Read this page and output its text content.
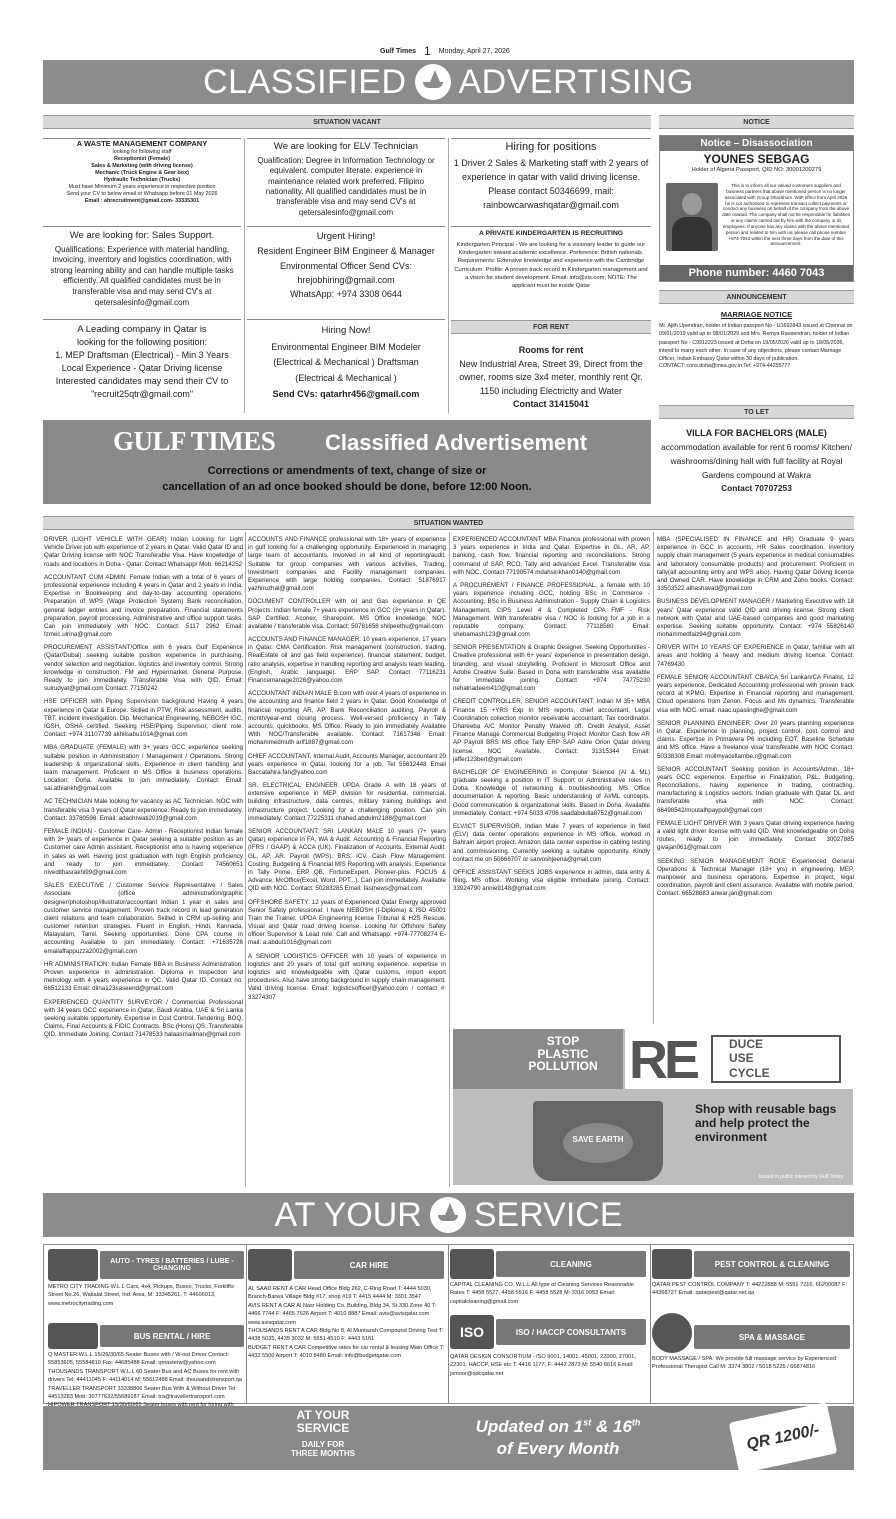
Gulf Times 1 Monday, April 27, 2026
CLASSIFIED ADVERTISING
SITUATION VACANT	NOTICE
A WASTE MANAGEMENT COMPANY
looking for following staff
Receptionist (Female)
Sales & Marketing (with driving license)
Mechanic (Truck Engine & Gear box)
Hydraulic Technician (Trucks)
Must have Minimum 2 years experience in respective position
Send your CV to below email or Whatsapp before 01 May 2026
Email : ahrecruitment@gmail.com- 33335301
We are looking for: Sales Support.
Qualifications: Experience with material handling, invoicing, inventory and logistics coordination, with strong learning ability and can handle multiple tasks efficiently. All qualified candidates must be in transferable visa and may send CV's at qetersalesinfo@gmail.com
A Leading company in Qatar is
looking for the following position:
1. MEP Draftsman (Electrical) - Min 3 Years
Local Experience - Qatar Driving license
Interested candidates may send their CV to
"recruit25qtr@gmail.com"
We are looking for ELV Technician
Qualification: Degree in Information Technology or equivalent. computer literate. experience in maintenance related work preferred. Filipino nationality. All qualified candidates must be in transferable visa and may send CV's at qetersalesinfo@gmail.com
Urgent Hiring!
Resident Engineer BIM Engineer & Manager
Environmental Officer Send CVs:
hrejobhiring@gmail.com
WhatsApp: +974 3308 0644
Hiring Now!
Environmental Engineer BIM Modeler
(Electrical & Mechanical ) Draftsman
(Electrical & Mechanical )
Send CVs: qatarhr456@gmail.com
Hiring for positions
1 Driver 2 Sales & Marketing staff with 2 years of experience in qatar with valid driving license. Please contact 50346699, mail: rainbowcarwashqatar@gmail.com
A PRIVATE KINDERGARTEN IS RECRUITING
Kindergarten Principal - We are looking for a visionary leader to guide our Kindergarten toward academic excellence. Preference: British nationals. Requirements: Extensive knowledge and experience with the Cambridge Curriculum. Profile: A proven track record in Kindergarten management and a vision for student development. Email: info@sis.com, NOTE: The applicant must be inside Qatar
FOR RENT
Rooms for rent
New Industrial Area, Street 39, Direct from the owner, rooms size 3x4 meter, monthly rent Qr. 1150 including Electricity and Water
Contact 31415041
Notice – Disassociation
YOUNES SEBGAG
Holder of Algeria Passport, QID NO: 30001200279
This is to inform all our valued customers suppliers and business partners that above mentioned person is no longer associated with Group Dhackhom. With effect from April 2026 he is not authorised to represent transact collect payments or conduct any business on behalf of the company from the above date onward. The company shall not be responsible for liabilities or any claims carried out by him with the company or its employees. If anyone has any claims with the above mentioned person and related to him with us, please call phone number +974-7043 within the next three days from the date of this announcement.
Phone number: 4460 7043
ANNOUNCEMENT
MARRIAGE NOTICE
Mr. Ajith Upendran, holder of Indian passport No - U1692843 issued at Chennai on 09/01/2019 valid up to 08/01/2029 and Mrs. Remya Raveendran, holder of Indian passport No - C9912223 issued at Doha on 19/05/2026 valid up to 18/05/2036, intend to marry each other. In case of any objections, please contact Marriage Officer, Indian Embassy Qatar within 30 days of publication.
CONTACT: cons.doha@mea.gov.in Tel: +974-44255777
TO LET
VILLA FOR BACHELORS (MALE)
accommodation available for rent 6 rooms/ Kitchen/ washrooms/dining hall with full facility at Royal Gardens compound at Wakra
Contact 70707253
GULF TIMES Classified Advertisement
Corrections or amendments of text, change of size or
cancellation of an ad once booked should be done, before 12:00 Noon.
SITUATION WANTED

DRIVER (LIGHT VEHICLE WITH GEAR) Indian Looking for Light Vehicle Driver job with experience of 2 years in Qatar. Valid Qatar ID and Qatar Driving license with NOC Transferable Visa. Have knowledge of roads and locations in Doha - Qatar. Contact Whatsapp/ Mob: 66214252

ACCOUNTANT CUM ADMIN: Female Indian with a total of 6 years of professional experience including 4 years in Qatar and 2 years in India. Expertise in Bookkeeping and day-to-day accounting operations. Preparation of WPS (Wage Protection System) Bank reconciliation, general ledger entries and invoice preparation. Financial statements preparation, payroll processing. Administrative and office support tasks. Can join immediately with NOC. Contact: 5117 2962 Email: fzmec.ulrina@gmail.com

PROCUREMENT ASSISTANT/Office with 6 years Gulf Experience (Qatar/Dubai) seeking suitable position experience in purchasing, vendor selection and negotiation. logistics and inventory control. Strong knowledge in construction, FM and Hypermarket. General Purpose. Ready to join immediately. Transferable Visa with QID. Email: sulrudyat@gmail.com Contact: 77150242

HSE OFFICER with Piping Supervision background Having 4 years experience in Qatar & Europe. Skilled in PTW, Risk assessment, audits, TBT, incident investigation. Dip. Mechanical Engineering, NEBOSH IGC, IOSH, OSHA certified. Seeking HSE/Piping Supervisor, client role. Contact: +974 31107739 akhilsabu1014@gmail.com

MBA GRADUATE (FEMALE) with 3+ years GCC experience seeking suitable position in Administration / Management / Operations. Strong leadership & organizational skills. Experience in client handling and team management. Proficient in MS Office & business operations. Location: Doha. Available to join immediately. Contact: Email: sai.athiankh@gmail.com

AC TECHNICIAN Male looking for vacancy as AC Technician. NOC with transferable visa 3 years of Qatar experience. Ready to join immediately. Contact: 33780598. Email: adachrwati2019@gmail.com

FEMALE INDIAN - Customer Care- Admin - Receptionist Indian female with 3+ years of experience in Qatar seeking a suitable position as an Customer care Admin assistant. Receptionist who is having experience in sales as well. Having post graduation with high English proficiency and ready to join immediately. Contact 74560651 nivedithasrakhi99@gmail.com

SALES EXECUTIVE / Customer Service Representative / Sales Associate (office administration/graphic designer/photoshop/illustrator/accountant Indian 1 year in sales and customer service management. Proven track record in lead generation client relations and team collaboration. Skilled in CRM up-selling and customer retention strategies. Fluent in English, Hindi, Kannada, Malayalam, Tamil. Seeking opportunities. Done CPA course in accounting Available to join immediately. Contact: +71635726 emailaffappuzza2002@gmail.com

HR ADMINISTRATION: Indian Female BBA in Business Administration. Proven experience in administration. Diploma in Inspection and metrology with 4 years experience in QC. Valid Qatar ID. Contact no: 66512133 Email: dilna123saseend@gmail.com

EXPERIENCED QUANTITY SURVEYOR / Commercial Professional with 34 years GCC experience in Qatar, Saudi Arabia, UAE & Sri Lanka seeking suitable opportunity. Expertise in Cost Control, Tendering, BOQ, Claims, Final Accounts & FIDIC Contracts. BSc (Hons) QS. Transferable QID. Immediate Joining. Contact 71478533 halaasmailman@gmail.com

ACCOUNTS AND FINANCE professional with 18+ years of experience in gulf looking for a challenging opportunity. Experienced in managing large team of accountants. Involved in all kind of reporting/audit. Suitable for group companies with various activities, Trading, Investment companies and Facility management companies. Experience with large holding companies. Contact: 51876917 yazhiruzhal@gmail.com

DOCUMENT CONTROLLER with oil and Gas experience in QE Projects. Indian female 7+ years experience in GCC (3+ years in Qatar). SAP Certified. Aconex, Sharepoint, MS Office knowledge. NOC available / transferable visa. Contact: 50781658 shilpeethu@gmail.com

ACCOUNTS AND FINANCE MANAGER: 10 years experience, 17 years in Qatar. CMA Certification. Risk management (construction, trading, RealEstate oil and gas field experience). financial statement, budget, ratio analysis, expertise in handling reporting and analysis team leading. (English, Arabic language). ERP SAP. Contact 77116231 Financemanage2026@yahoo.com

ACCOUNTANT INDIAN MALE B.com with over 4 years of experience in the accounting and finance field 2 years in Qatar. Good Knowledge of financial reporting AR, AP, Bank Reconciliation auditing, Payroll & month/year-end closing process. Well-versed proficiency in Tally accounts, quickbooks, MS Office. Ready to join immediately Available With NOC/Transferable available. Contact: 71617348 Email: mohammedmuth arif1887@gmail.com

CHIEF ACCOUNTANT, Internal Audit, Accounts Manager, accountant 20 years experience in Qatar, looking for a job. Tel 55612448 Email Baccatahira.fan@yahoo.com

SR. ELECTRICAL ENGINEER UPDA Grade A with 18 years of extensive experience in MEP division for residential, commercial, building infrastructure, data centres, military training buildings and infrastructure project. Looking for a challenging position. Can join immediately. Contact 77225311 chahed.abdulm2188@gmail.com

SENIOR ACCOUNTANT: SRI LANKAN MALE 10 years (7+ years Qatar) experience in FA, WA & Audit. Accounting & Financial Reporting (IFRS / GAAP) & ACCA (UK). Finalization of Accounts. External Audit. GL, AP, AR. Payroll (WPS). BRS. ICV. Cash Flow Management. Costing. Budgeting & Financial MIS Reporting with analysis. Experience in Tally Prime, ERP QB, FortuneExpert, Pioneer-plus. FOCUS & Advance, McOffice(Excel, Word, PPT...). Can join immediately. Available QID with NOC. Contact: 50283285 Email: fastnews@gmail.com

OFFSHORE SAFETY: 12 years of Experienced Qatar Energy approved Senior Safety professional. I have NEBOSH (I-Diploma) & ISO 45001 Train the Trainer. UPDA Engineering license Tribunal & H2S Rescue, Visual and Qatar road driving license. Looking for Offshore Safety officer Supervisor & Lead role. Call and Whatsapp: +974-77708274 E-mail: a.abdul1016@gmail.com

A SENIOR LOGISTICS OFFICER with 10 years of experience in logistics and 20 years of total gulf working experience. expertise in logistics and knowledgeable with Qatar customs, import export procedures. Also have strong background in supply chain management. Valid driving license. Email: logisticsofficer@yahoo.com / contact #: 33274307

EXPERIENCED ACCOUNTANT MBA Finance professional with proven 3 years experience in India and Qatar. Expertise in GL, AR, AP, banking, cash flow, financial reporting and reconciliations. Strong command of SAP, RCO, Tally and advanced Excel. Transferable visa with NOC. Contact 77190574 mdahsinkhan0140@gmail.com

A PROCUREMENT / FINANCE PROFESSIONAL, a female with 10 years experience including GCC, holding BSc in Commerce - Accounting, BSc in Business Administration - Supply Chain & Logistics Management, CIPS Level 4 & Completed CPA FMF - Risk Management. With transferable visa / NOC is looking for a job in a reputable company. Contact: 77118580 Email: shebamash123@gmail.com

SENIOR PRESENTATION & Graphic Designer. Seeking Opportunities - Creative professional with 6+ years' experience in presentation design, branding, and visual storytelling. Proficient in Microsoft Office and Adobe Creative Suite. Based in Doha with transferable visa available for immediate joining. Contact +974 74775230 nehalnadeem410@gmail.com

CREDIT CONTROLLER, SENIOR ACCOUNTANT: Indian M 35+ MBA Finance 15 +YRS Exp In MIS reports, chief accountant, Legal Coordination collection monitor receivable accountant, Tax coordinator. Dhareeba A/C Monitor Penalty Waived off. Credit Analyst, Asset Finance Manage Commercial Budgeting Project Monitor Cash flow AR AP Payroll BRS MS office Tally ERP SAP Adire Orion Qatar driving license. NOC Available. Contact: 31315344 Email: jaffer123bert@gmail.com

BACHELOR OF ENGINEERING in Computer Science (AI & ML) graduate seeking a position in IT Support or Administrative roles in Doha. Knowledge of networking & troubleshooting. MS Office documentation & reporting. Basic understanding of AI/ML concepts. Good communication & organizational skills. Based in Doha. Available immediately. Contact: +974 5033 4706 saadabdulla8752@gmail.com

ELV/ICT SUPERVISOR, Indian Male 7 years of experience in field (ELV) data center operations experience in MS office, worked in Bahrain airport project. Amazon data center expertise in cabling testing and commissioning. Currently seeking a suitable opportunity. Kindly contact me on 50666707 or sarvoshjeena@gmail.com

OFFICE ASSISTANT SEEKS JOBS experience in admin, data entry & filing, MS office. Working visa eligible immediate joining. Contact: 33924790 annie9148@gmail.com

MBA (SPECIALISED IN FINANCE and HR) Graduate 9 years experience in GCC in accounts, HR Sales coordination, inventory supply chain management (5 years experience in medical consumables and laboratory consumable products) and procurement. Proficient in tally(all accounting entry and WPS also). Having Qatar Driving licence and Owned CAR. Have knowledge in CRM and Zoho books. Contact: 33503522 alhashavad@gmail.com

BUSINESS DEVELOPMENT MANAGER / Marketing Executive with 18 years' Qatar experience valid QID and driving license. Strong client network with Qatar and UAE-based companies and good marketing expertise. Seeking suitable opportunity. Contact: +974 55826140 mohammedfaiz94@gmail.com

DRIVER WITH 10 YEARS OF EXPERIENCE in Qatar, familiar with all areas and holding a heavy and medium driving licence. Contact: 74769430

FEMALE SENIOR ACCOUNTANT CBA/CA Sri Lankan/CA Finalist, 12 years experience. Dedicated Accounting professional with proven track record at KPMG. Expertise in Financial reporting and management. Cloud operations from Zenon. Focus and Ms dynamics. Transferable visa with NOC. email: naac.upaslinghe@gmail.com

SENIOR PLANNING ENGINEER: Over 20 years planning experience in Qatar. Experience in planning, project control, cost control and claims. Expertise in Primavera P6 including EOT, Baseline Schedule and MS office. Have a freelance visa/ transferable with NOC Contact: 50338308 Email: mollmyacellambe.r@gmail.com

SENIOR ACCOUNTANT Seeking position in Accounts/Admin. 18+ years GCC experience. Expertise in Finalization, P&L, Budgeting, Reconciliations, having experience in trading, contracting, manufacturing & Logistics sectors. Indian graduate with Qatar DL and transferable visa with NOC. Contact: 66498542/moutalhpaypoll@gmail.com

FEMALE LIGHT DRIVER With 3 years Qatar driving experience having a valid light driver license with valid QID. Well knowledgeable on Doha routes, ready to join immediately. Contact 30027885 givajan061@gmail.com

SEEKING SENIOR MANAGEMENT ROLE Experienced General Operations & Technical Manager (18+ yrs) in engineering, MEP, manpower and business operations. Expertise in project, legal coordination, payroll and client assurance. Available with mobile period. Contact: 66528683 anwar.jan@gmail.com

STOP
PLASTIC
POLLUTION RE	DUCE
USE
CYCLE
SAVE EARTH
Shop with reusable bags and help protect the environment
Issued in public interest by Gulf Times
AT YOUR SERVICE
AUTO - TYRES / BATTERIES / LUBE - CHANGING
METRO CITY TRADING W.L.L Cars, 4x4, Pickups, Buses, Trucks, Forklifts Street No.26, Wakalat Street, Ind. Area, M: 33345261, T: 44606013, www.metrocitytrading.com
BUS RENTAL / HIRE
Q MASTER W.L.L 15/26/30/65 Seater Buses with / W-out Driver Contact: 55853605, 55584810 Fax: 44685488 Email: qmasterw@yahoo.com
THOUSANDS TRANSPORT W.L.L 60 Seater Bus and AC Buses for rent with drivers Tel: 44411045 F: 44114014 M: 55612488 Email: thousandstransport.qa
TRAVELLER TRANSPORT 33338866 Seater Bus With & Without Driver Tel: 44513283 Mob: 30777632/55689187 Email: tra@travellertransport.com
CAR HIRE
AL SAAD RENT A CAR Head Office Bldg 262, C-Ring Road T: 4444 5030, Branch-Barwa Village Bldg #17, shop #19 T: 4415 4444 M: 3301 3547
AVIS RENT A CAR Al Nasr Holding Co. Building, Bldg 34, St 330 Zone 40 T: 4466 7744 F: 4465 7626 Airport T: 4010 8887 Email: avis@avisqatar.com www.avisqatar.com
THOUSANDS RENT A CAR Bldg No 8, Al Muntazah Compound Driving Test T: 4438 5035, 4435 3032 M: 5551 4510 F: 4443 5161
BUDGET RENT A CAR Competitive rates for car rental & leasing Main Office T: 4432 5500 Airport T: 4010 8480 Email: info@budgetqatar.com
CLEANING
CAPITAL CLEANING CO. W.L.L All type of Cleaning Services Reasonable Rates T: 4458 5527, 4458 5516 F: 4458 5528 M: 3316 9953 Email: capitalcleaning@gmail.com
ISO	ISO / HACCP CONSULTANTS
QATAR DESIGN CONSORTIUM - ISO 9001, 14001, 45001, 22000, 27001, 22301, HACCP, HSE etc T: 4416 1177, F: 4443 2873 M: 5540 6616 Email: jsmoor@qdcqatar.net
PEST CONTROL & CLEANING
QATAR PEST CONTROL COMPANY T: 44222888 M: 5551 7216, 66200087 F: 44368727 Email: qatarpest@qatar.net.qa
SPA & MASSAGE
BODY MASSAGE / SPA: We provide full massage service by Experienced Professional Therapist Call M: 3374 3802 / 5018 5225 / 66874816
AT YOUR
SERVICE
DAILY FOR
THREE MONTHS
Updated on 1st & 16th
of Every Month	QR 1200/-
